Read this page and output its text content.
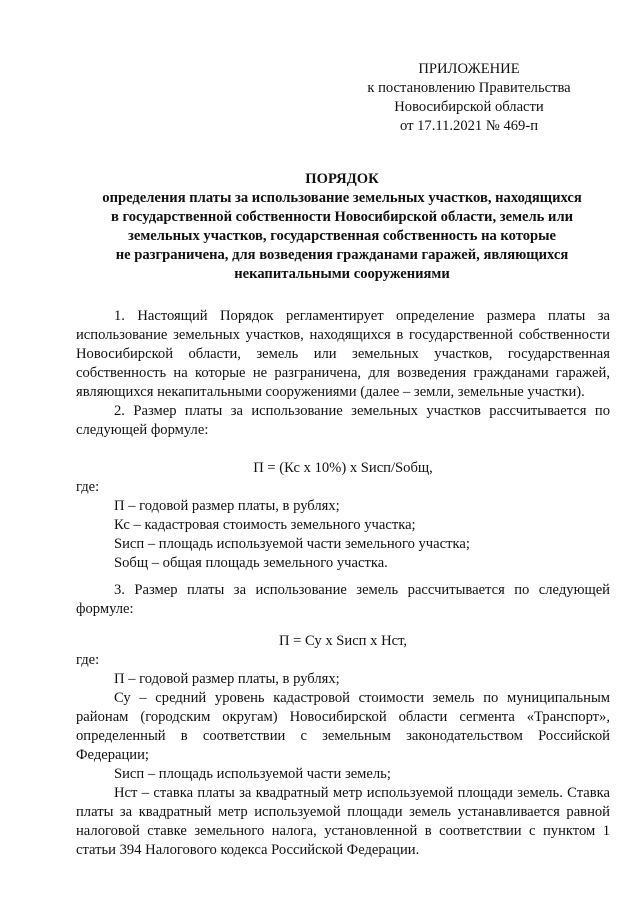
ПРИЛОЖЕНИЕ
к постановлению Правительства
Новосибирской области
от 17.11.2021 № 469-п
ПОРЯДОК
определения платы за использование земельных участков, находящихся
в государственной собственности Новосибирской области, земель или
земельных участков, государственная собственность на которые
не разграничена, для возведения гражданами гаражей, являющихся
некапитальными сооружениями

1. Настоящий Порядок регламентирует определение размера платы за использование земельных участков, находящихся в государственной собственности Новосибирской области, земель или земельных участков, государственная собственность на которые не разграничена, для возведения гражданами гаражей, являющихся некапитальными сооружениями (далее – земли, земельные участки).

2. Размер платы за использование земельных участков рассчитывается по следующей формуле:

П = (Кс х 10%) х Sисп/Sобщ,

где:

П – годовой размер платы, в рублях;

Кс – кадастровая стоимость земельного участка;

Sисп – площадь используемой части земельного участка;

Sобщ – общая площадь земельного участка.

3. Размер платы за использование земель рассчитывается по следующей формуле:

П = Су х Sисп х Нст,

где:

П – годовой размер платы, в рублях;

Су – средний уровень кадастровой стоимости земель по муниципальным районам (городским округам) Новосибирской области сегмента «Транспорт», определенный в соответствии с земельным законодательством Российской Федерации;

Sисп – площадь используемой части земель;

Нст – ставка платы за квадратный метр используемой площади земель. Ставка платы за квадратный метр используемой площади земель устанавливается равной налоговой ставке земельного налога, установленной в соответствии с пунктом 1 статьи 394 Налогового кодекса Российской Федерации.
